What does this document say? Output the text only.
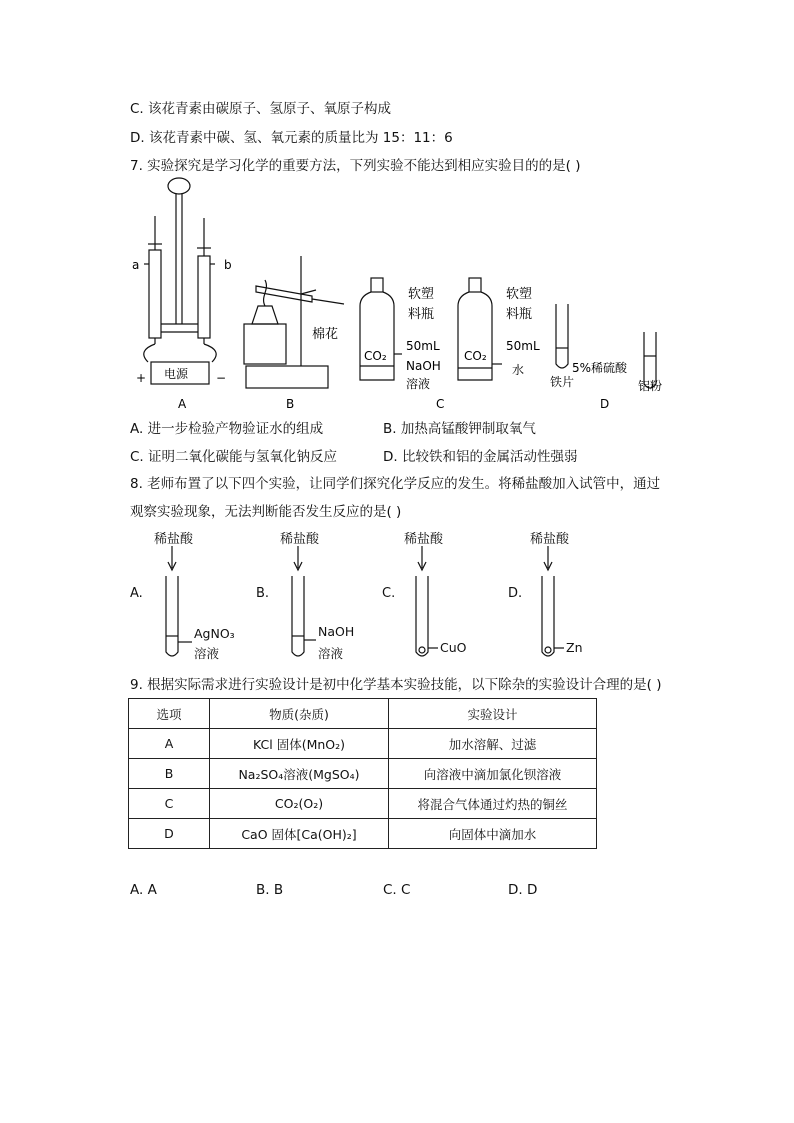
C. 该花青素由碳原子、氢原子、氧原子构成
D. 该花青素中碳、氢、氧元素的质量比为 15：11：6
7. 实验探究是学习化学的重要方法，下列实验不能达到相应实验目的的是( )
a	b
电源
+	−
棉花
软塑
料瓶
CO₂
50mL
NaOH
溶液
软塑
料瓶
CO₂
50mL
水	5%稀硫酸
铁片	铝粉
A	B	C	D
A. 进一步检验产物验证水的组成	B. 加热高锰酸钾制取氧气
C. 证明二氧化碳能与氢氧化钠反应	D. 比较铁和铝的金属活动性强弱
8. 老师布置了以下四个实验，让同学们探究化学反应的发生。将稀盐酸加入试管中，通过
观察实验现象，无法判断能否发生反应的是( )
稀盐酸
A.
AgNO₃
溶液
稀盐酸
B.
NaOH
溶液
稀盐酸
C.
CuO
稀盐酸
D.
Zn
9. 根据实际需求进行实验设计是初中化学基本实验技能，以下除杂的实验设计合理的是( )
选项	物质(杂质)	实验设计
A	KCl 固体(MnO₂)	加水溶解、过滤
B	Na₂SO₄溶液(MgSO₄)	向溶液中滴加氯化钡溶液
C	CO₂(O₂)	将混合气体通过灼热的铜丝
D	CaO 固体[Ca(OH)₂]	向固体中滴加水
A. A	B. B	C. C	D. D
